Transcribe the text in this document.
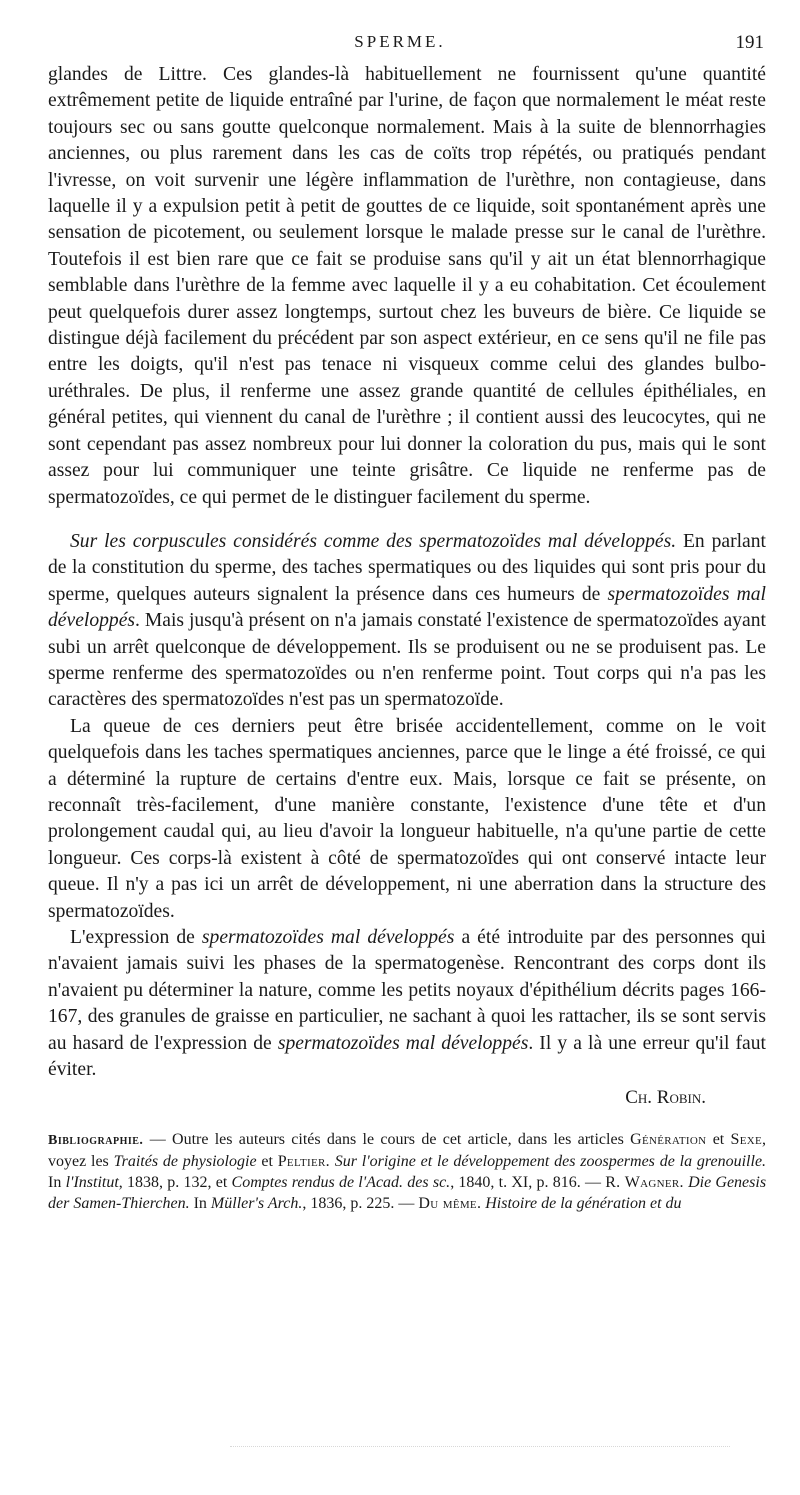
SPERME.	191

glandes de Littre. Ces glandes-là habituellement ne fournissent qu'une quantité extrêmement petite de liquide entraîné par l'urine, de façon que normalement le méat reste toujours sec ou sans goutte quelconque normalement. Mais à la suite de blennorrhagies anciennes, ou plus rarement dans les cas de coïts trop répétés, ou pratiqués pendant l'ivresse, on voit survenir une légère inflammation de l'urèthre, non contagieuse, dans laquelle il y a expulsion petit à petit de gouttes de ce liquide, soit spontanément après une sensation de picotement, ou seulement lorsque le malade presse sur le canal de l'urèthre. Toutefois il est bien rare que ce fait se produise sans qu'il y ait un état blennorrhagique semblable dans l'urèthre de la femme avec laquelle il y a eu cohabitation. Cet écoulement peut quelquefois durer assez longtemps, surtout chez les buveurs de bière. Ce liquide se distingue déjà facilement du précédent par son aspect extérieur, en ce sens qu'il ne file pas entre les doigts, qu'il n'est pas tenace ni visqueux comme celui des glandes bulbo-uréthrales. De plus, il renferme une assez grande quantité de cellules épithéliales, en général petites, qui viennent du canal de l'urèthre ; il contient aussi des leucocytes, qui ne sont cependant pas assez nombreux pour lui donner la coloration du pus, mais qui le sont assez pour lui communiquer une teinte grisâtre. Ce liquide ne renferme pas de spermatozoïdes, ce qui permet de le distinguer facilement du sperme.

Sur les corpuscules considérés comme des spermatozoïdes mal développés. En parlant de la constitution du sperme, des taches spermatiques ou des liquides qui sont pris pour du sperme, quelques auteurs signalent la présence dans ces humeurs de spermatozoïdes mal développés. Mais jusqu'à présent on n'a jamais constaté l'existence de spermatozoïdes ayant subi un arrêt quelconque de développement. Ils se produisent ou ne se produisent pas. Le sperme renferme des spermatozoïdes ou n'en renferme point. Tout corps qui n'a pas les caractères des spermatozoïdes n'est pas un spermatozoïde.

La queue de ces derniers peut être brisée accidentellement, comme on le voit quelquefois dans les taches spermatiques anciennes, parce que le linge a été froissé, ce qui a déterminé la rupture de certains d'entre eux. Mais, lorsque ce fait se présente, on reconnaît très-facilement, d'une manière constante, l'existence d'une tête et d'un prolongement caudal qui, au lieu d'avoir la longueur habituelle, n'a qu'une partie de cette longueur. Ces corps-là existent à côté de spermatozoïdes qui ont conservé intacte leur queue. Il n'y a pas ici un arrêt de développement, ni une aberration dans la structure des spermatozoïdes.

L'expression de spermatozoïdes mal développés a été introduite par des personnes qui n'avaient jamais suivi les phases de la spermatogenèse. Rencontrant des corps dont ils n'avaient pu déterminer la nature, comme les petits noyaux d'épithélium décrits pages 166-167, des granules de graisse en particulier, ne sachant à quoi les rattacher, ils se sont servis au hasard de l'expression de spermatozoïdes mal développés. Il y a là une erreur qu'il faut éviter.

Ch. Robin.

Bibliographie. — Outre les auteurs cités dans le cours de cet article, dans les articles Génération et Sexe, voyez les Traités de physiologie et Peltier. Sur l'origine et le développement des zoospermes de la grenouille. In l'Institut, 1838, p. 132, et Comptes rendus de l'Acad. des sc., 1840, t. XI, p. 816. — R. Wagner. Die Genesis der Samen-Thierchen. In Müller's Arch., 1836, p. 225. — Du même. Histoire de la génération et du
